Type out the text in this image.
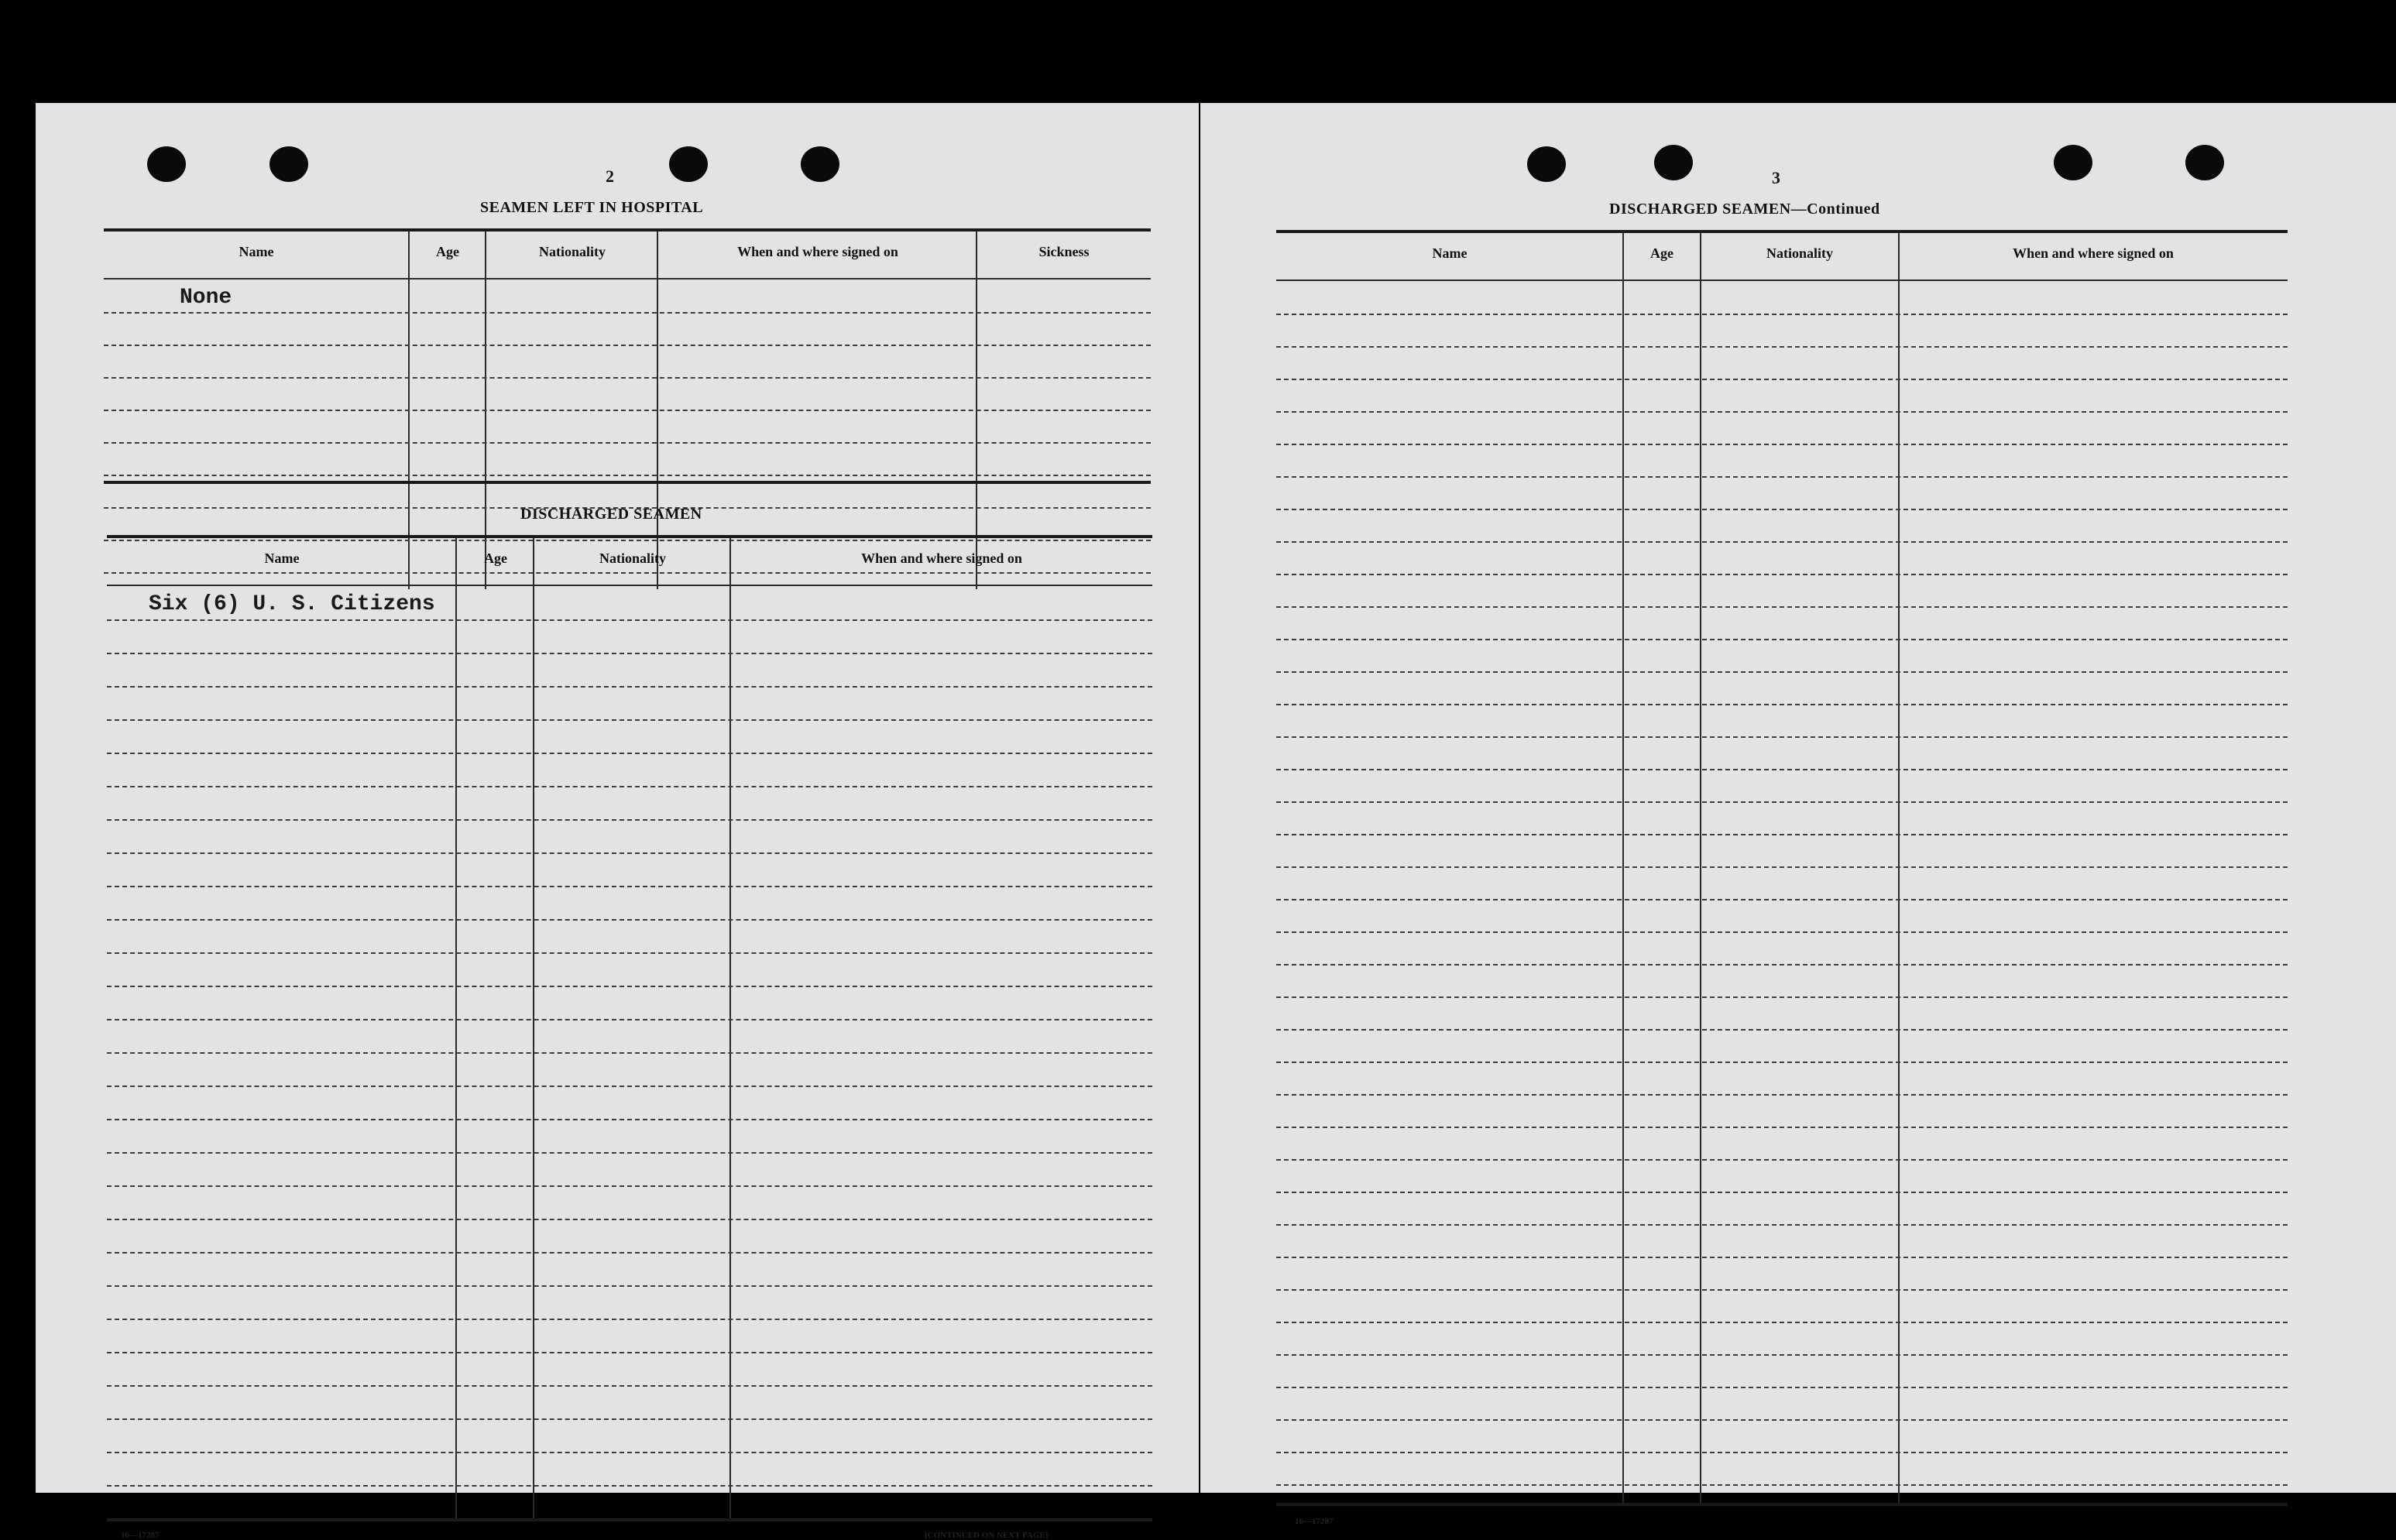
2
SEAMEN LEFT IN HOSPITAL
Name	Age	Nationality	When and where signed on	Sickness
None
DISCHARGED SEAMEN
Name	Age	Nationality	When and where signed on
Six (6) U. S. Citizens
16—17287	[CONTINUED ON NEXT PAGE]
3
DISCHARGED SEAMEN—Continued
Name	Age	Nationality	When and where signed on
16—17287
